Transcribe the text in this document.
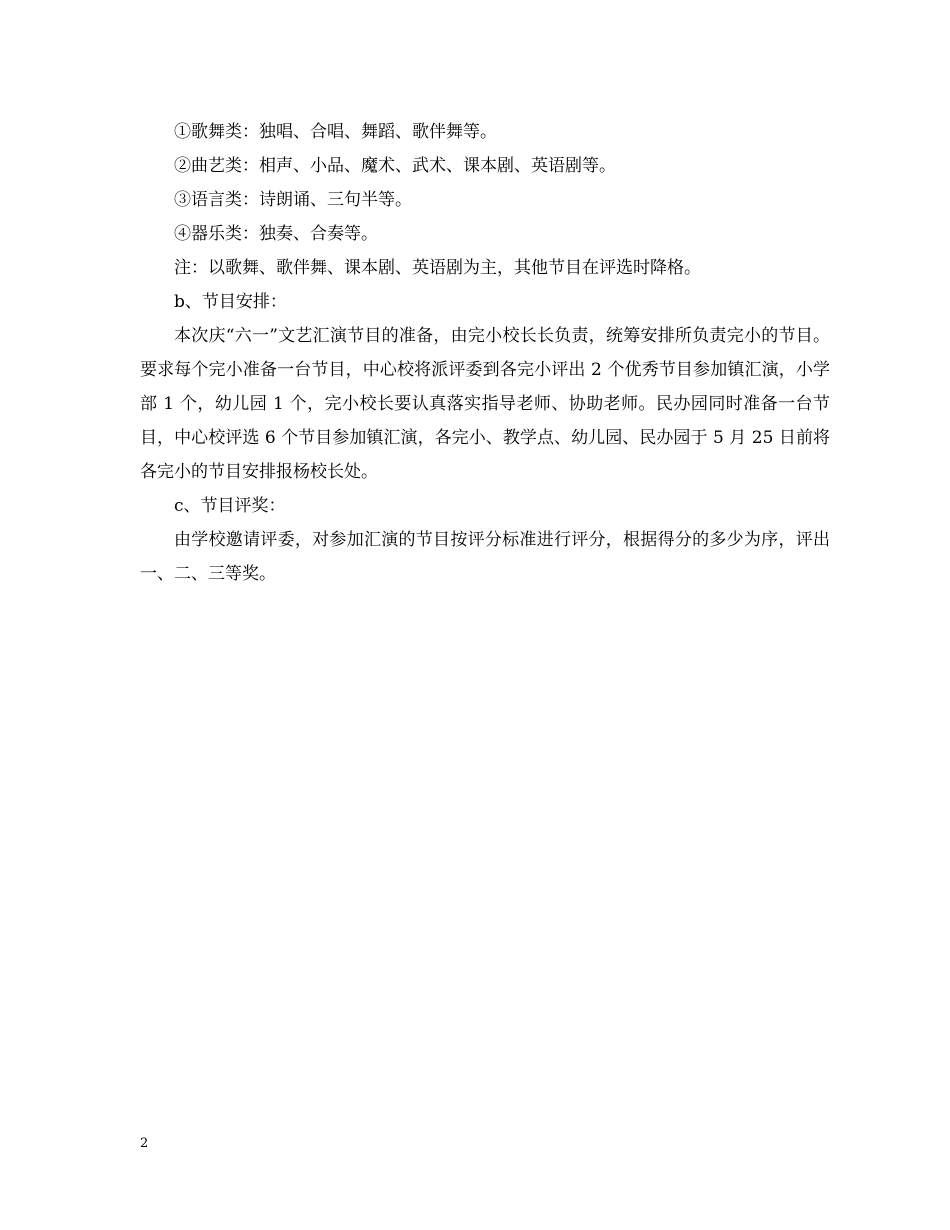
①歌舞类：独唱、合唱、舞蹈、歌伴舞等。

②曲艺类：相声、小品、魔术、武术、课本剧、英语剧等。

③语言类：诗朗诵、三句半等。

④器乐类：独奏、合奏等。

注：以歌舞、歌伴舞、课本剧、英语剧为主，其他节目在评选时降格。

b、节目安排：

本次庆“六一”文艺汇演节目的准备，由完小校长长负责，统筹安排所负责完小的节目。要求每个完小准备一台节目，中心校将派评委到各完小评出 2 个优秀节目参加镇汇演，小学部 1 个，幼儿园 1 个，完小校长要认真落实指导老师、协助老师。民办园同时准备一台节目，中心校评选 6 个节目参加镇汇演，各完小、教学点、幼儿园、民办园于 5 月 25 日前将各完小的节目安排报杨校长处。

c、节目评奖：

由学校邀请评委，对参加汇演的节目按评分标准进行评分，根据得分的多少为序，评出一、二、三等奖。

2
